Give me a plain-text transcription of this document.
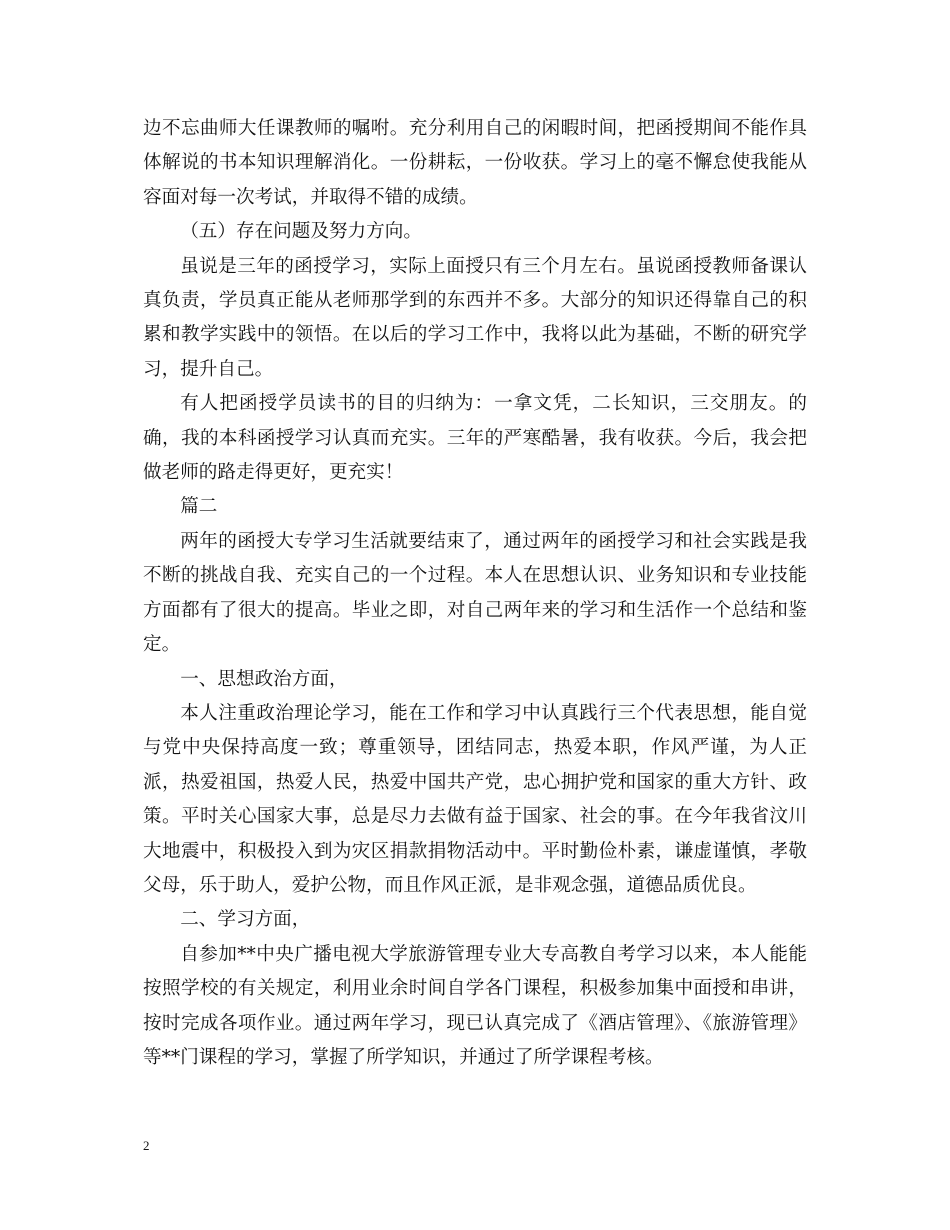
边不忘曲师大任课教师的嘱咐。充分利用自己的闲暇时间，把函授期间不能作具体解说的书本知识理解消化。一份耕耘，一份收获。学习上的毫不懈怠使我能从容面对每一次考试，并取得不错的成绩。

（五）存在问题及努力方向。

虽说是三年的函授学习，实际上面授只有三个月左右。虽说函授教师备课认真负责，学员真正能从老师那学到的东西并不多。大部分的知识还得靠自己的积累和教学实践中的领悟。在以后的学习工作中，我将以此为基础，不断的研究学习，提升自己。

有人把函授学员读书的目的归纳为：一拿文凭，二长知识，三交朋友。的确，我的本科函授学习认真而充实。三年的严寒酷暑，我有收获。今后，我会把做老师的路走得更好，更充实！

篇二

两年的函授大专学习生活就要结束了，通过两年的函授学习和社会实践是我不断的挑战自我、充实自己的一个过程。本人在思想认识、业务知识和专业技能方面都有了很大的提高。毕业之即，对自己两年来的学习和生活作一个总结和鉴定。

一、思想政治方面，

本人注重政治理论学习，能在工作和学习中认真践行三个代表思想，能自觉与党中央保持高度一致；尊重领导，团结同志，热爱本职，作风严谨，为人正派，热爱祖国，热爱人民，热爱中国共产党，忠心拥护党和国家的重大方针、政策。平时关心国家大事，总是尽力去做有益于国家、社会的事。在今年我省汶川大地震中，积极投入到为灾区捐款捐物活动中。平时勤俭朴素，谦虚谨慎，孝敬父母，乐于助人，爱护公物，而且作风正派，是非观念强，道德品质优良。

二、学习方面，

自参加**中央广播电视大学旅游管理专业大专高教自考学习以来，本人能能按照学校的有关规定，利用业余时间自学各门课程，积极参加集中面授和串讲，按时完成各项作业。通过两年学习，现已认真完成了《酒店管理》、《旅游管理》等**门课程的学习，掌握了所学知识，并通过了所学课程考核。

2
